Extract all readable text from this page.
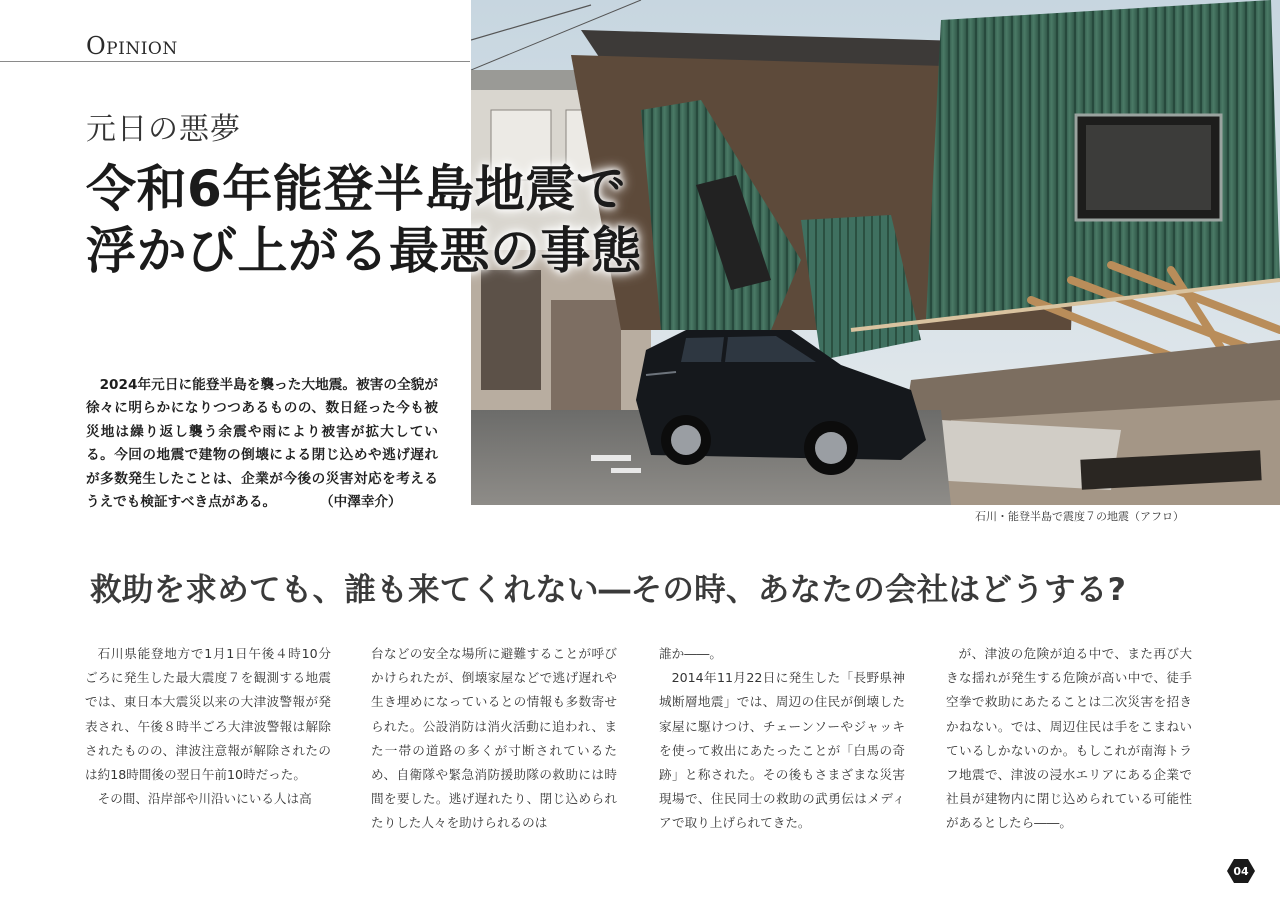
Opinion
石川・能登半島で震度７の地震（アフロ）
元日の悪夢
令和6年能登半島地震で
浮かび上がる最悪の事態
2024年元日に能登半島を襲った大地震。被害の全貌が徐々に明らかになりつつあるものの、数日経った今も被災地は繰り返し襲う余震や雨により被害が拡大している。今回の地震で建物の倒壊による閉じ込めや逃げ遅れが多数発生したことは、企業が今後の災害対応を考えるうえでも検証すべき点がある。	（中澤幸介）
救助を求めても、誰も来てくれない―その時、あなたの会社はどうする?

石川県能登地方で1月1日午後４時10分ごろに発生した最大震度７を観測する地震では、東日本大震災以来の大津波警報が発表され、午後８時半ごろ大津波警報は解除されたものの、津波注意報が解除されたのは約18時間後の翌日午前10時だった。

その間、沿岸部や川沿いにいる人は高

台などの安全な場所に避難することが呼びかけられたが、倒壊家屋などで逃げ遅れや生き埋めになっているとの情報も多数寄せられた。公設消防は消火活動に追われ、また一帯の道路の多くが寸断されているため、自衛隊や緊急消防援助隊の救助には時間を要した。逃げ遅れたり、閉じ込められたりした人々を助けられるのは

誰か――。

2014年11月22日に発生した「長野県神城断層地震」では、周辺の住民が倒壊した家屋に駆けつけ、チェーンソーやジャッキを使って救出にあたったことが「白馬の奇跡」と称された。その後もさまざまな災害現場で、住民同士の救助の武勇伝はメディアで取り上げられてきた。

が、津波の危険が迫る中で、また再び大きな揺れが発生する危険が高い中で、徒手空拳で救助にあたることは二次災害を招きかねない。では、周辺住民は手をこまねいているしかないのか。もしこれが南海トラフ地震で、津波の浸水エリアにある企業で社員が建物内に閉じ込められている可能性があるとしたら――。

04
